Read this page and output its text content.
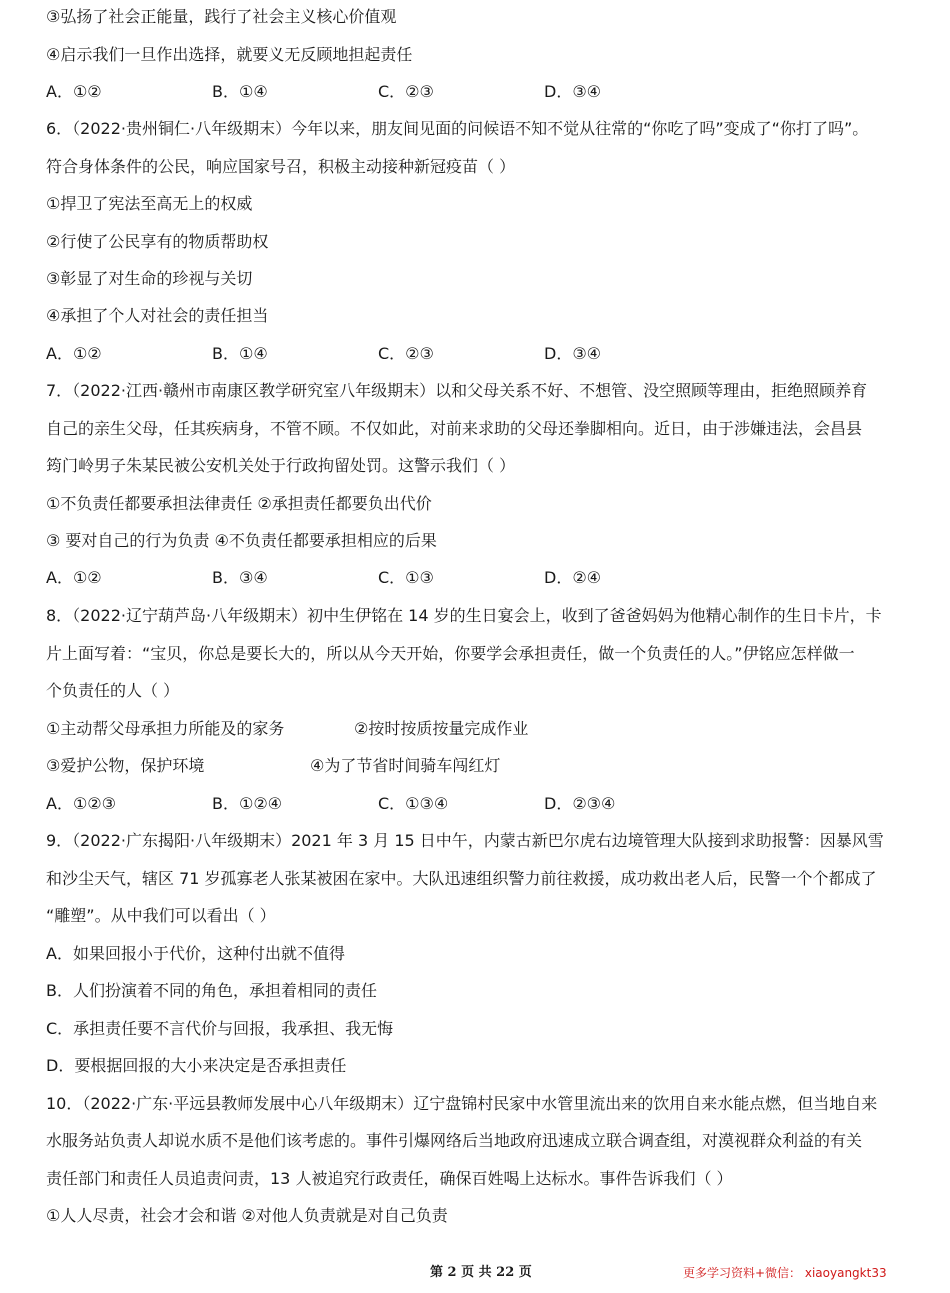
③弘扬了社会正能量，践行了社会主义核心价值观
④启示我们一旦作出选择，就要义无反顾地担起责任
A．①②	B．①④	C．②③	D．③④
6．（2022·贵州铜仁·八年级期末）今年以来，朋友间见面的问候语不知不觉从往常的“你吃了吗”变成了“你打了吗”。
符合身体条件的公民，响应国家号召，积极主动接种新冠疫苗（ ）
①捍卫了宪法至高无上的权威
②行使了公民享有的物质帮助权
③彰显了对生命的珍视与关切
④承担了个人对社会的责任担当
A．①②	B．①④	C．②③	D．③④
7．（2022·江西·赣州市南康区教学研究室八年级期末）以和父母关系不好、不想管、没空照顾等理由，拒绝照顾养育
自己的亲生父母，任其疾病身，不管不顾。不仅如此，对前来求助的父母还拳脚相向。近日，由于涉嫌违法，会昌县
筠门岭男子朱某民被公安机关处于行政拘留处罚。这警示我们（ ）
①不负责任都要承担法律责任 ②承担责任都要负出代价
③ 要对自己的行为负责 ④不负责任都要承担相应的后果
A．①②	B．③④	C．①③	D．②④
8．（2022·辽宁葫芦岛·八年级期末）初中生伊铭在 14 岁的生日宴会上，收到了爸爸妈妈为他精心制作的生日卡片，卡
片上面写着：“宝贝，你总是要长大的，所以从今天开始，你要学会承担责任，做一个负责任的人。”伊铭应怎样做一
个负责任的人（ ）
①主动帮父母承担力所能及的家务	②按时按质按量完成作业
③爱护公物，保护环境	④为了节省时间骑车闯红灯
A．①②③	B．①②④	C．①③④	D．②③④
9．（2022·广东揭阳·八年级期末）2021 年 3 月 15 日中午，内蒙古新巴尔虎右边境管理大队接到求助报警：因暴风雪
和沙尘天气，辖区 71 岁孤寡老人张某被困在家中。大队迅速组织警力前往救援，成功救出老人后，民警一个个都成了
“雕塑”。从中我们可以看出（ ）
A．如果回报小于代价，这种付出就不值得
B．人们扮演着不同的角色，承担着相同的责任
C．承担责任要不言代价与回报，我承担、我无悔
D．要根据回报的大小来决定是否承担责任
10．（2022·广东·平远县教师发展中心八年级期末）辽宁盘锦村民家中水管里流出来的饮用自来水能点燃，但当地自来
水服务站负责人却说水质不是他们该考虑的。事件引爆网络后当地政府迅速成立联合调查组，对漠视群众利益的有关
责任部门和责任人员追责问责，13 人被追究行政责任，确保百姓喝上达标水。事件告诉我们（ ）
①人人尽责，社会才会和谐 ②对他人负责就是对自己负责
第 2 页 共 22 页	更多学习资料+微信： xiaoyangkt33
